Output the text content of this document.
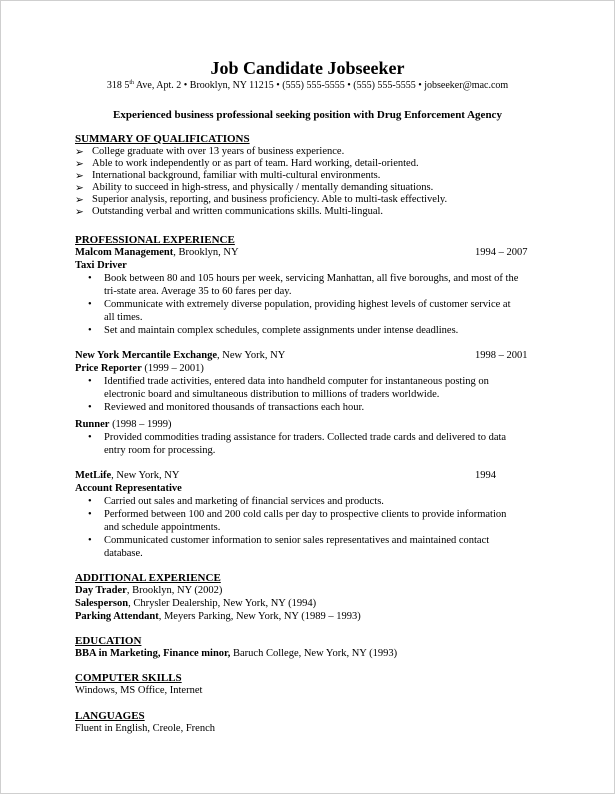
Job Candidate Jobseeker
318 5th Ave, Apt. 2 • Brooklyn, NY 11215 • (555) 555-5555 • (555) 555-5555 • jobseeker@mac.com
Experienced business professional seeking position with Drug Enforcement Agency
SUMMARY OF QUALIFICATIONS
➢ College graduate with over 13 years of business experience.
➢ Able to work independently or as part of team. Hard working, detail-oriented.
➢ International background, familiar with multi-cultural environments.
➢ Ability to succeed in high-stress, and physically / mentally demanding situations.
➢ Superior analysis, reporting, and business proficiency. Able to multi-task effectively.
➢ Outstanding verbal and written communications skills. Multi-lingual.
PROFESSIONAL EXPERIENCE
Malcom Management, Brooklyn, NY	1994 – 2007
Taxi Driver
• Book between 80 and 105 hours per week, servicing Manhattan, all five boroughs, and most of the
tri-state area. Average 35 to 60 fares per day.
• Communicate with extremely diverse population, providing highest levels of customer service at
all times.
• Set and maintain complex schedules, complete assignments under intense deadlines.
New York Mercantile Exchange, New York, NY	1998 – 2001
Price Reporter (1999 – 2001)
• Identified trade activities, entered data into handheld computer for instantaneous posting on
electronic board and simultaneous distribution to millions of traders worldwide.
• Reviewed and monitored thousands of transactions each hour.
Runner (1998 – 1999)
• Provided commodities trading assistance for traders. Collected trade cards and delivered to data
entry room for processing.
MetLife, New York, NY	1994
Account Representative
• Carried out sales and marketing of financial services and products.
• Performed between 100 and 200 cold calls per day to prospective clients to provide information
and schedule appointments.
• Communicated customer information to senior sales representatives and maintained contact
database.
ADDITIONAL EXPERIENCE
Day Trader, Brooklyn, NY (2002)
Salesperson, Chrysler Dealership, New York, NY (1994)
Parking Attendant, Meyers Parking, New York, NY (1989 – 1993)
EDUCATION
BBA in Marketing, Finance minor, Baruch College, New York, NY (1993)
COMPUTER SKILLS
Windows, MS Office, Internet
LANGUAGES
Fluent in English, Creole, French
